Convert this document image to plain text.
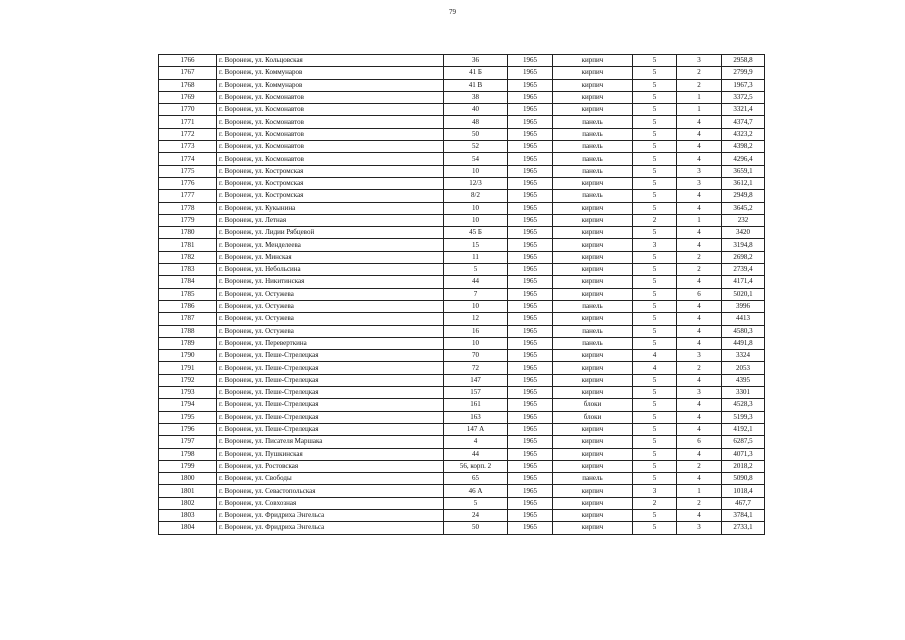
79
1766	г. Воронеж, ул. Кольцовская	36	1965	кирпич	5	3	2958,8
1767	г. Воронеж, ул. Коммунаров	41 Б	1965	кирпич	5	2	2799,9
1768	г. Воронеж, ул. Коммунаров	41 В	1965	кирпич	5	2	1967,3
1769	г. Воронеж, ул. Космонавтов	38	1965	кирпич	5	1	3372,5
1770	г. Воронеж, ул. Космонавтов	40	1965	кирпич	5	1	3321,4
1771	г. Воронеж, ул. Космонавтов	48	1965	панель	5	4	4374,7
1772	г. Воронеж, ул. Космонавтов	50	1965	панель	5	4	4323,2
1773	г. Воронеж, ул. Космонавтов	52	1965	панель	5	4	4398,2
1774	г. Воронеж, ул. Космонавтов	54	1965	панель	5	4	4296,4
1775	г. Воронеж, ул. Костромская	10	1965	панель	5	3	3659,1
1776	г. Воронеж, ул. Костромская	12/3	1965	кирпич	5	3	3612,1
1777	г. Воронеж, ул. Костромская	8/2	1965	панель	5	4	2949,8
1778	г. Воронеж, ул. Кукынина	10	1965	кирпич	5	4	3645,2
1779	г. Воронеж, ул. Летная	10	1965	кирпич	2	1	232
1780	г. Воронеж, ул. Лидии Рябцевой	45 Б	1965	кирпич	5	4	3420
1781	г. Воронеж, ул. Менделеева	15	1965	кирпич	3	4	3194,8
1782	г. Воронеж, ул. Минская	11	1965	кирпич	5	2	2698,2
1783	г. Воронеж, ул. Небольсина	5	1965	кирпич	5	2	2739,4
1784	г. Воронеж, ул. Никитинская	44	1965	кирпич	5	4	4171,4
1785	г. Воронеж, ул. Остужева	7	1965	кирпич	5	6	5020,1
1786	г. Воронеж, ул. Остужева	10	1965	панель	5	4	3996
1787	г. Воронеж, ул. Остужева	12	1965	кирпич	5	4	4413
1788	г. Воронеж, ул. Остужева	16	1965	панель	5	4	4580,3
1789	г. Воронеж, ул. Переверткина	10	1965	панель	5	4	4491,8
1790	г. Воронеж, ул. Пеше-Стрелецкая	70	1965	кирпич	4	3	3324
1791	г. Воронеж, ул. Пеше-Стрелецкая	72	1965	кирпич	4	2	2053
1792	г. Воронеж, ул. Пеше-Стрелецкая	147	1965	кирпич	5	4	4395
1793	г. Воронеж, ул. Пеше-Стрелецкая	157	1965	кирпич	5	3	3301
1794	г. Воронеж, ул. Пеше-Стрелецкая	161	1965	блоки	5	4	4528,3
1795	г. Воронеж, ул. Пеше-Стрелецкая	163	1965	блоки	5	4	5199,3
1796	г. Воронеж, ул. Пеше-Стрелецкая	147 А	1965	кирпич	5	4	4192,1
1797	г. Воронеж, ул. Писателя Маршака	4	1965	кирпич	5	6	6287,5
1798	г. Воронеж, ул. Пушкинская	44	1965	кирпич	5	4	4071,3
1799	г. Воронеж, ул. Ростовская	56, корп. 2	1965	кирпич	5	2	2018,2
1800	г. Воронеж, ул. Свободы	65	1965	панель	5	4	5090,8
1801	г. Воронеж, ул. Севастопольская	46 А	1965	кирпич	3	1	1018,4
1802	г. Воронеж, ул. Совхозная	5	1965	кирпич	2	2	467,7
1803	г. Воронеж, ул. Фридриха Энгельса	24	1965	кирпич	5	4	3784,1
1804	г. Воронеж, ул. Фридриха Энгельса	50	1965	кирпич	5	3	2733,1
